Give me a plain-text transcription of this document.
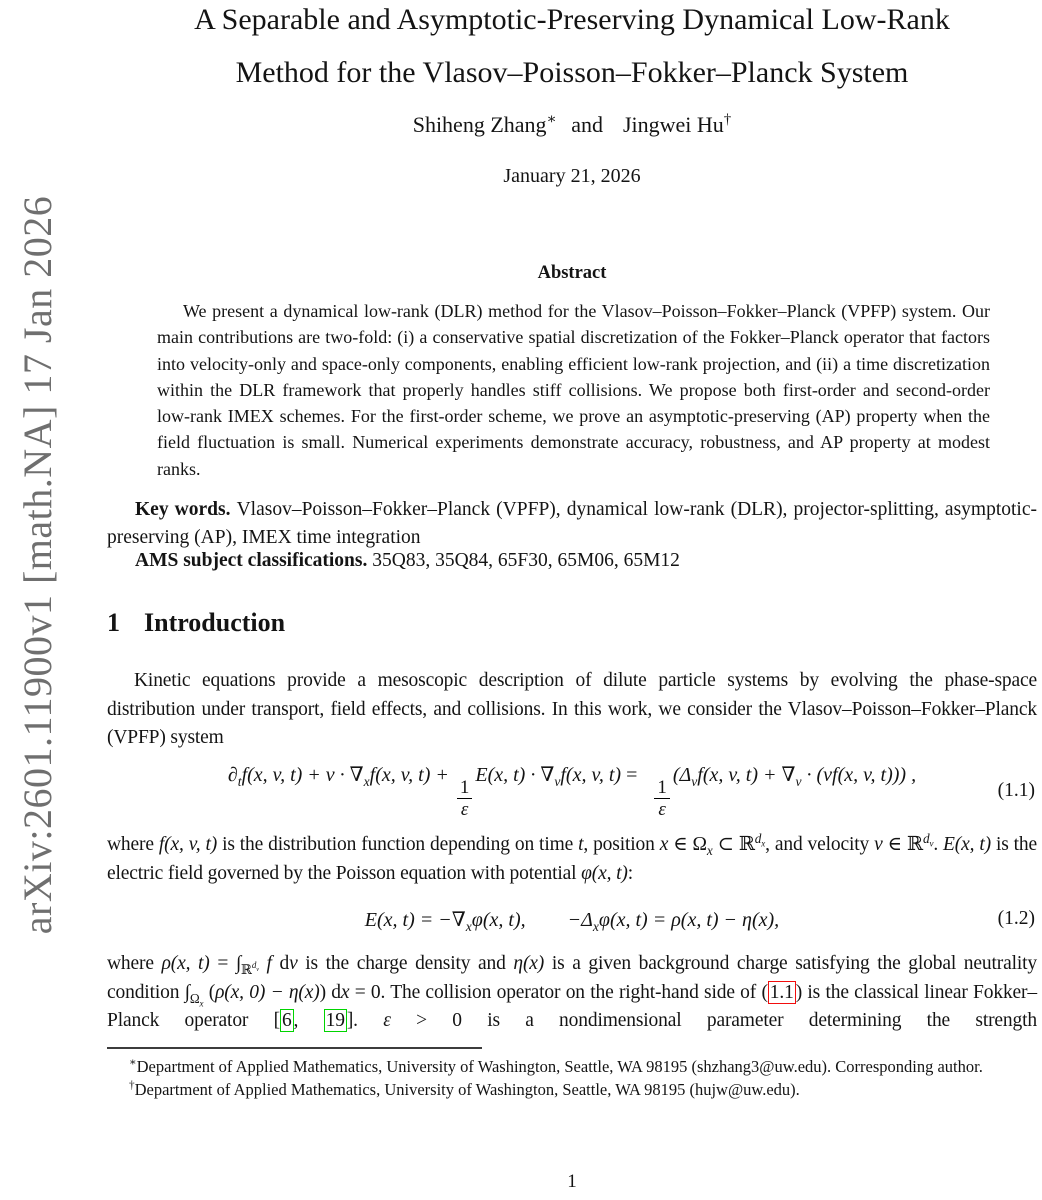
arXiv:2601.11900v1 [math.NA] 17 Jan 2026
A Separable and Asymptotic-Preserving Dynamical Low-Rank
Method for the Vlasov–Poisson–Fokker–Planck System
Shiheng Zhang∗ and  Jingwei Hu†
January 21, 2026
Abstract
We present a dynamical low-rank (DLR) method for the Vlasov–Poisson–Fokker–Planck (VPFP) system. Our main contributions are two-fold: (i) a conservative spatial discretization of the Fokker–Planck operator that factors into velocity-only and space-only components, enabling efficient low-rank projection, and (ii) a time discretization within the DLR framework that properly handles stiff collisions. We propose both first-order and second-order low-rank IMEX schemes. For the first-order scheme, we prove an asymptotic-preserving (AP) property when the field fluctuation is small. Numerical experiments demonstrate accuracy, robustness, and AP property at modest ranks.
Key words. Vlasov–Poisson–Fokker–Planck (VPFP), dynamical low-rank (DLR), projector-splitting, asymptotic-preserving (AP), IMEX time integration
AMS subject classifications. 35Q83, 35Q84, 65F30, 65M06, 65M12
1 Introduction
Kinetic equations provide a mesoscopic description of dilute particle systems by evolving the phase-space distribution under transport, field effects, and collisions. In this work, we consider the Vlasov–Poisson–Fokker–Planck (VPFP) system
$\partial_tf(x$, v, $t) + v \cdot \nabla_xf(x$, v, t) +
$\frac{1}{\varepsilon}$
E(x, $t) \cdot \nabla_vf(x$, v, t) =
$\frac{1}{\varepsilon}$
($\Delta_vf(x$, v, $t) + \nabla_v \cdot (vf(x$, v, t))) ,
(1.1)
where f(x, v, t) is the distribution function depending on time t, position x ∈ $\Omega_x$ ⊂ ℝ$^{d_x}$, and velocity v ∈ ℝ$^{d_v}$. E(x, t) is the electric field governed by the Poisson equation with potential φ(x, t):
E(x, $t) = -\nabla_x\varphi(x$, t), $-\Delta_x\varphi(x$, t) = ρ(x, t) − η(x),	(1.2)
where ρ(x, $t) = \int_{ℝ^{d_v}}$ f dv is the charge density and η(x) is a given background charge satisfying the global neutrality condition $\int_{\Omega_x}$ (ρ(x, 0) − η(x)) dx = 0. The collision operator on the right-hand side of ( 1.1 ) is the classical linear Fokker–Planck operator [ 6 , 19 ]. ε > 0 is a nondimensional parameter determining the strength
∗Department of Applied Mathematics, University of Washington, Seattle, WA 98195 (shzhang3@uw.edu). Corresponding author.
†Department of Applied Mathematics, University of Washington, Seattle, WA 98195 (hujw@uw.edu).
1
